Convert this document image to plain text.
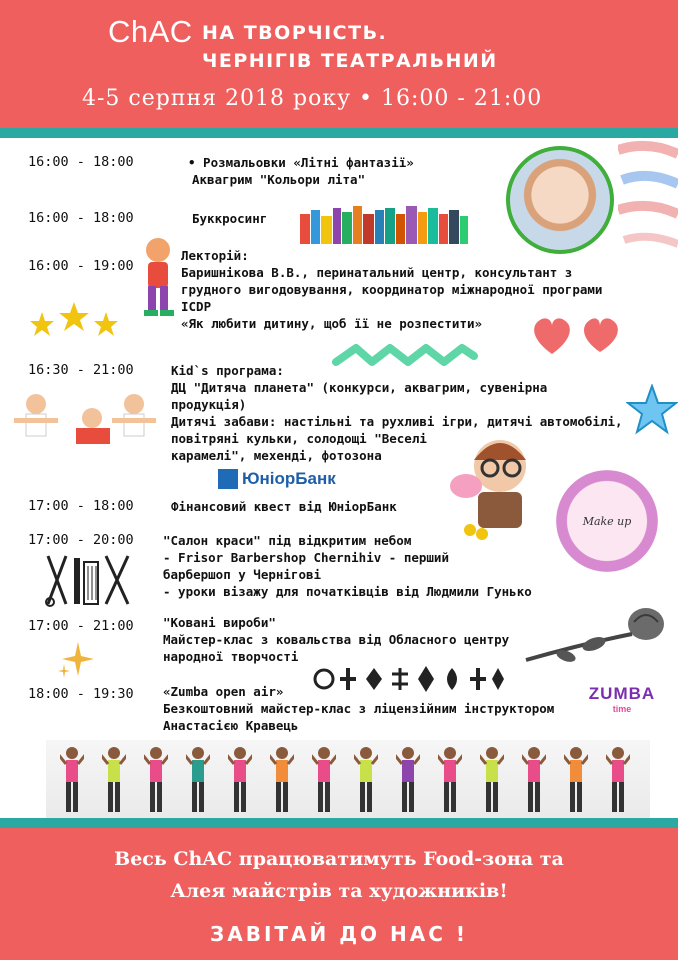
ChAC НА ТВОРЧІСТЬ.
ЧЕРНІГІВ ТЕАТРАЛЬНИЙ
4-5 серпня 2018 року • 16:00 - 21:00
16:00 - 18:00	• Розмальовки «Літні фантазії»
Аквагрим "Кольори літа"
16:00 - 18:00	Буккросинг
16:00 - 19:00
Лекторій:
Баришнікова В.В., перинатальний центр, консультант з
грудного вигодовування, координатор міжнародної програми
ICDP
«Як любити дитину, щоб її не розпестити»
16:30 - 21:00	Kid`s програма:
ДЦ "Дитяча планета" (конкурси, аквагрим, сувенірна
продукція)
Дитячі забави: настільні та рухливі ігри, дитячі автомобілі,
повітряні кульки, солодощі "Веселі
карамелі", мехенді, фотозона
ЮніорБанк
17:00 - 18:00	Фінансовий квест від ЮніорБанк
Make up
17:00 - 20:00 "Салон краси" під відкритим небом
- Frisor Barbershop Chernihiv - перший
барбершоп у Чернігові
- уроки візажу для початківців від Людмили Гунько
17:00 - 21:00 "Ковані вироби"
Майстер-клас з ковальства від Обласного центру
народної творчості
18:00 - 19:30 «Zumba open air»
Безкоштовний майстер-клас з ліцензійним інструктором
Анастасією Кравець
ZUMBA
time
Весь ChAC працюватимуть Food-зона та
Алея майстрів та художників!
ЗАВІТАЙ ДО НАС !
